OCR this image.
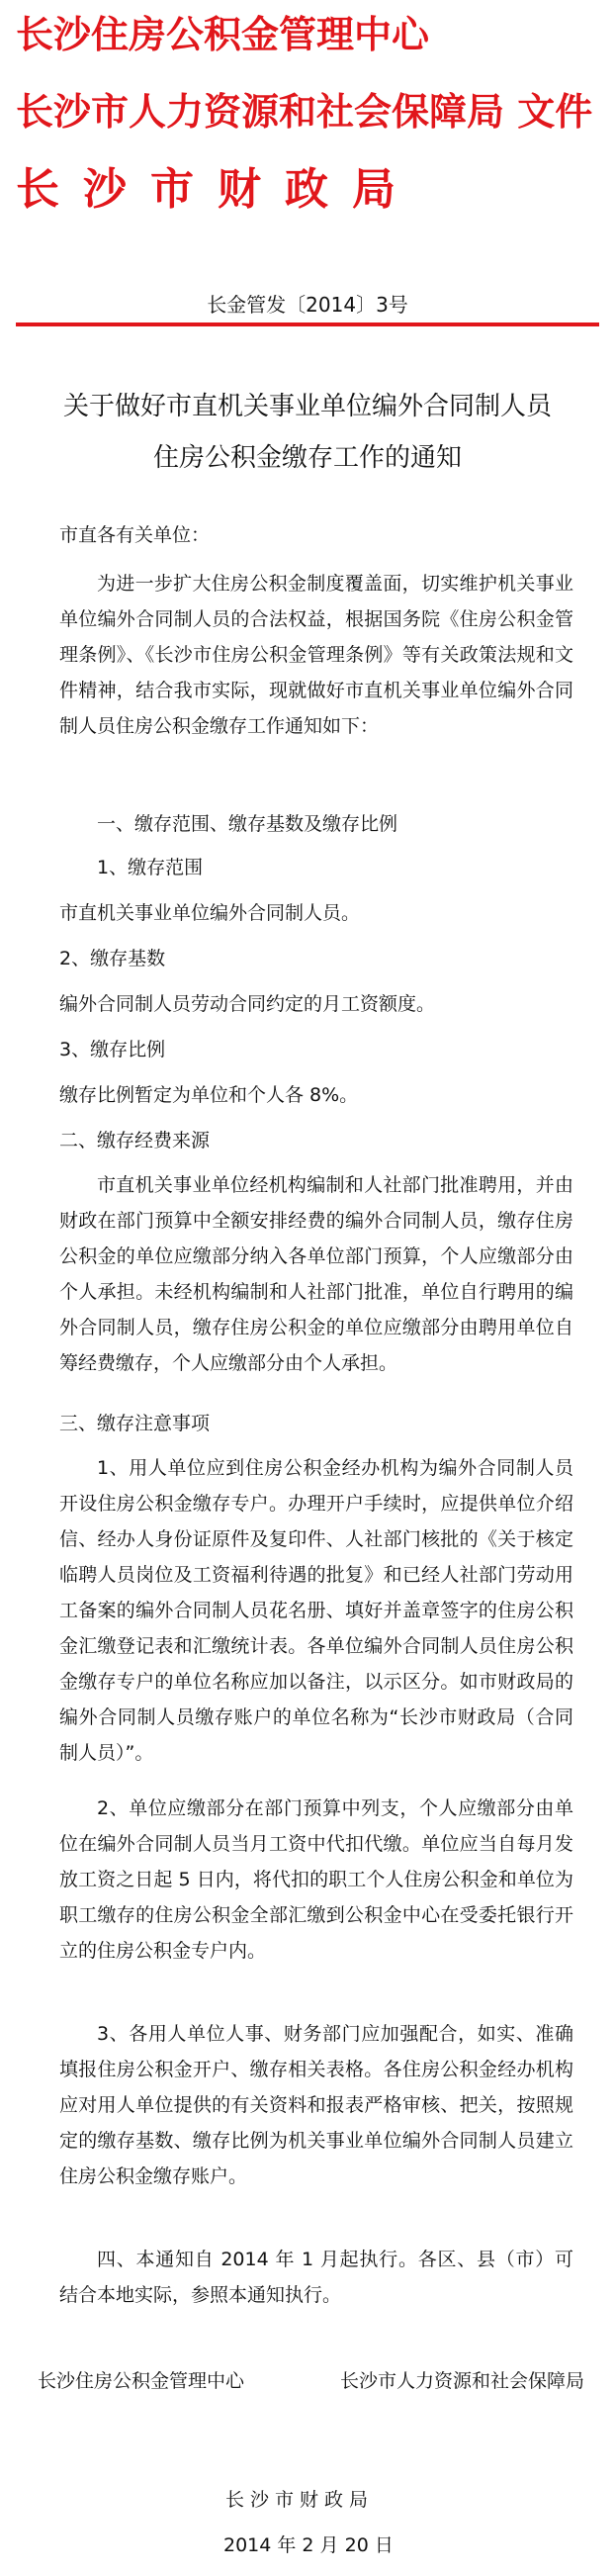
长沙住房公积金管理中心
长沙市人力资源和社会保障局 文件
长沙市财政局
长金管发〔2014〕3号
关于做好市直机关事业单位编外合同制人员
住房公积金缴存工作的通知
市直各有关单位：
为进一步扩大住房公积金制度覆盖面，切实维护机关事业单位编外合同制人员的合法权益，根据国务院《住房公积金管理条例》、《长沙市住房公积金管理条例》等有关政策法规和文件精神，结合我市实际，现就做好市直机关事业单位编外合同制人员住房公积金缴存工作通知如下：
一、缴存范围、缴存基数及缴存比例
1、缴存范围
市直机关事业单位编外合同制人员。
2、缴存基数
编外合同制人员劳动合同约定的月工资额度。
3、缴存比例
缴存比例暂定为单位和个人各 8%。
二、缴存经费来源
市直机关事业单位经机构编制和人社部门批准聘用，并由财政在部门预算中全额安排经费的编外合同制人员，缴存住房公积金的单位应缴部分纳入各单位部门预算，个人应缴部分由个人承担。未经机构编制和人社部门批准，单位自行聘用的编外合同制人员，缴存住房公积金的单位应缴部分由聘用单位自筹经费缴存，个人应缴部分由个人承担。
三、缴存注意事项
1、用人单位应到住房公积金经办机构为编外合同制人员开设住房公积金缴存专户。办理开户手续时，应提供单位介绍信、经办人身份证原件及复印件、人社部门核批的《关于核定临聘人员岗位及工资福利待遇的批复》和已经人社部门劳动用工备案的编外合同制人员花名册、填好并盖章签字的住房公积金汇缴登记表和汇缴统计表。各单位编外合同制人员住房公积金缴存专户的单位名称应加以备注，以示区分。如市财政局的编外合同制人员缴存账户的单位名称为“长沙市财政局（合同制人员）”。
2、单位应缴部分在部门预算中列支，个人应缴部分由单位在编外合同制人员当月工资中代扣代缴。单位应当自每月发放工资之日起 5 日内，将代扣的职工个人住房公积金和单位为职工缴存的住房公积金全部汇缴到公积金中心在受委托银行开立的住房公积金专户内。
3、各用人单位人事、财务部门应加强配合，如实、准确填报住房公积金开户、缴存相关表格。各住房公积金经办机构应对用人单位提供的有关资料和报表严格审核、把关，按照规定的缴存基数、缴存比例为机关事业单位编外合同制人员建立住房公积金缴存账户。
四、本通知自 2014 年 1 月起执行。各区、县（市）可结合本地实际，参照本通知执行。
长沙住房公积金管理中心	长沙市人力资源和社会保障局
长沙市财政局
2014 年 2 月 20 日
